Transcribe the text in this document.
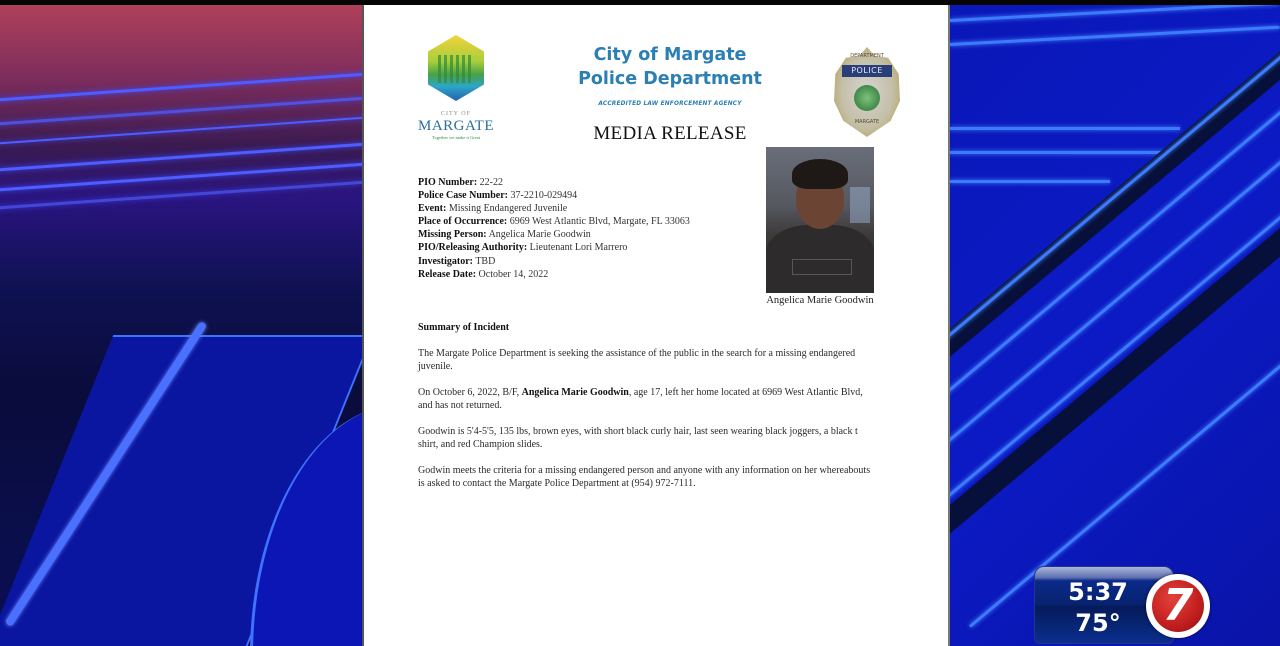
CITY OF
MARGATE
Together we make it Great
City of Margate
Police Department
ACCREDITED LAW ENFORCEMENT AGENCY
MEDIA RELEASE
DEPARTMENT
POLICE
MARGATE
Angelica Marie Goodwin
PIO Number: 22-22
Police Case Number: 37-2210-029494
Event: Missing Endangered Juvenile
Place of Occurrence: 6969 West Atlantic Blvd, Margate, FL 33063
Missing Person: Angelica Marie Goodwin
PIO/Releasing Authority: Lieutenant Lori Marrero
Investigator: TBD
Release Date: October 14, 2022
Summary of Incident

The Margate Police Department is seeking the assistance of the public in the search for a missing endangered juvenile.

On October 6, 2022, B/F, Angelica Marie Goodwin, age 17, left her home located at 6969 West Atlantic Blvd, and has not returned.

Goodwin is 5'4-5'5, 135 lbs, brown eyes, with short black curly hair, last seen wearing black joggers, a black t shirt, and red Champion slides.

Godwin meets the criteria for a missing endangered person and anyone with any information on her whereabouts is asked to contact the Margate Police Department at (954) 972-7111.

5:37
75° 7
